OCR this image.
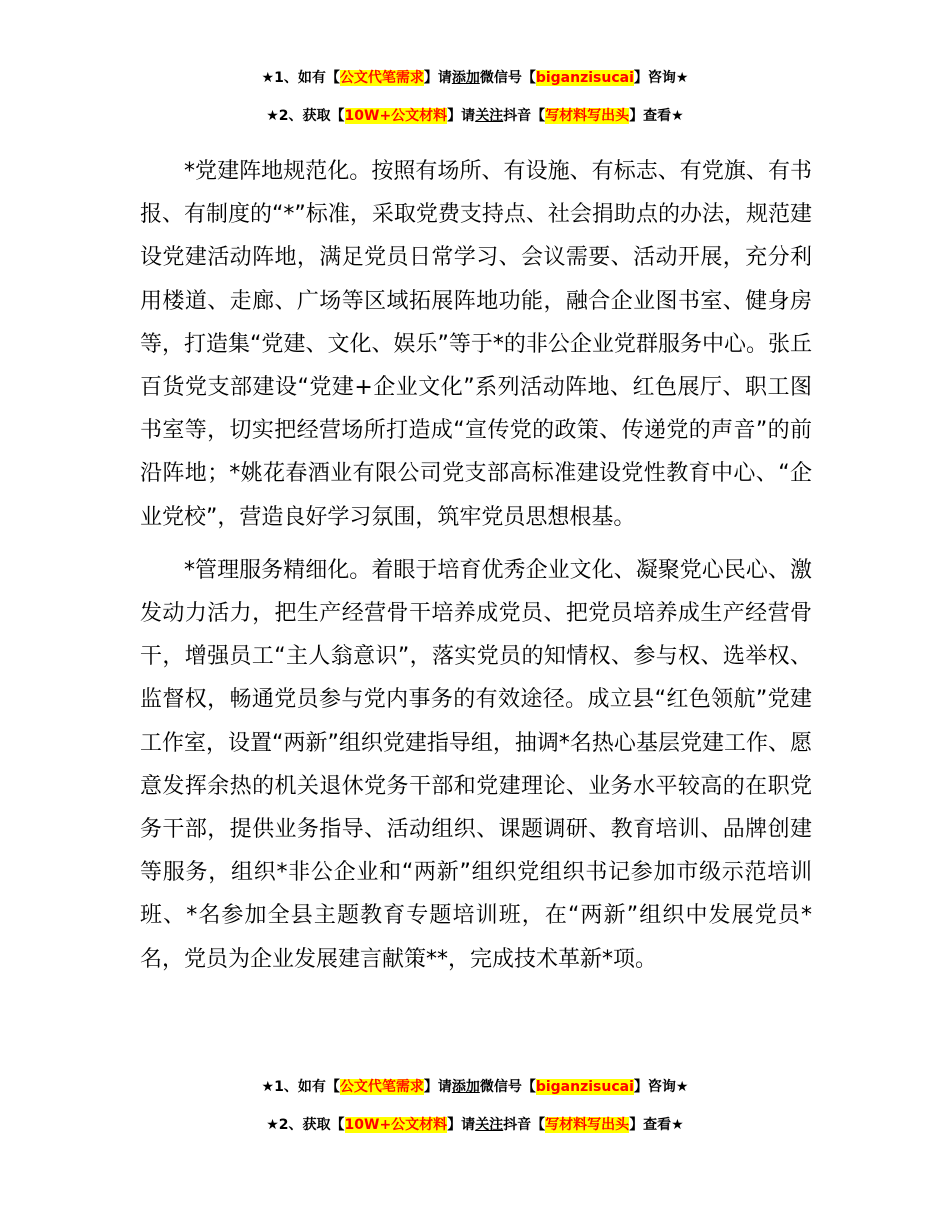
★1、如有【公文代笔需求】请添加微信号【biganzisucai】咨询★
★2、获取【10W+公文材料】请关注抖音【写材料写出头】查看★

*党建阵地规范化。按照有场所、有设施、有标志、有党旗、有书报、有制度的“*”标准，采取党费支持点、社会捐助点的办法，规范建设党建活动阵地，满足党员日常学习、会议需要、活动开展，充分利用楼道、走廊、广场等区域拓展阵地功能，融合企业图书室、健身房等，打造集“党建、文化、娱乐”等于*的非公企业党群服务中心。张丘百货党支部建设“党建+企业文化”系列活动阵地、红色展厅、职工图书室等，切实把经营场所打造成“宣传党的政策、传递党的声音”的前沿阵地；*姚花春酒业有限公司党支部高标准建设党性教育中心、“企业党校”，营造良好学习氛围，筑牢党员思想根基。

*管理服务精细化。着眼于培育优秀企业文化、凝聚党心民心、激发动力活力，把生产经营骨干培养成党员、把党员培养成生产经营骨干，增强员工“主人翁意识”，落实党员的知情权、参与权、选举权、监督权，畅通党员参与党内事务的有效途径。成立县“红色领航”党建工作室，设置“两新”组织党建指导组，抽调*名热心基层党建工作、愿意发挥余热的机关退休党务干部和党建理论、业务水平较高的在职党务干部，提供业务指导、活动组织、课题调研、教育培训、品牌创建等服务，组织*非公企业和“两新”组织党组织书记参加市级示范培训班、*名参加全县主题教育专题培训班，在“两新”组织中发展党员*名，党员为企业发展建言献策**，完成技术革新*项。

★1、如有【公文代笔需求】请添加微信号【biganzisucai】咨询★
★2、获取【10W+公文材料】请关注抖音【写材料写出头】查看★
